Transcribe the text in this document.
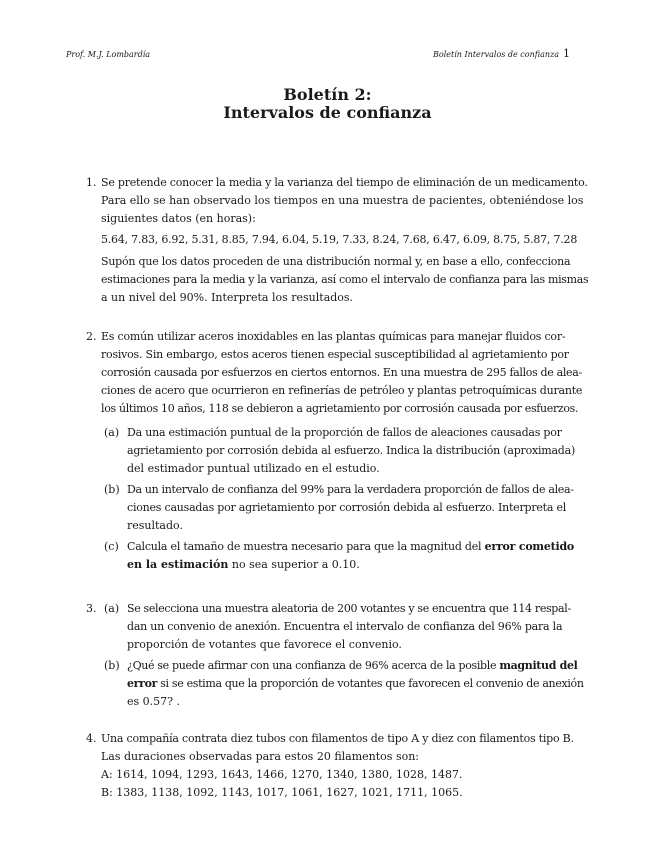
Prof. M.J. Lombardía	Boletín Intervalos de confianza 1
Boletín 2:
Intervalos de confianza
1. Se pretende conocer la media y la varianza del tiempo de eliminación de un medicamento.
Para ello se han observado los tiempos en una muestra de pacientes, obteniéndose los
siguientes datos (en horas):
5.64, 7.83, 6.92, 5.31, 8.85, 7.94, 6.04, 5.19, 7.33, 8.24, 7.68, 6.47, 6.09, 8.75, 5.87, 7.28
Supón que los datos proceden de una distribución normal y, en base a ello, confecciona
estimaciones para la media y la varianza, así como el intervalo de confianza para las mismas
a un nivel del 90%. Interpreta los resultados.
2. Es común utilizar aceros inoxidables en las plantas químicas para manejar fluidos cor-
rosivos. Sin embargo, estos aceros tienen especial susceptibilidad al agrietamiento por
corrosión causada por esfuerzos en ciertos entornos. En una muestra de 295 fallos de alea-
ciones de acero que ocurrieron en refinerías de petróleo y plantas petroquímicas durante
los últimos 10 años, 118 se debieron a agrietamiento por corrosión causada por esfuerzos.
(a) Da una estimación puntual de la proporción de fallos de aleaciones causadas por
agrietamiento por corrosión debida al esfuerzo. Indica la distribución (aproximada)
del estimador puntual utilizado en el estudio.
(b) Da un intervalo de confianza del 99% para la verdadera proporción de fallos de alea-
ciones causadas por agrietamiento por corrosión debida al esfuerzo. Interpreta el
resultado.
(c) Calcula el tamaño de muestra necesario para que la magnitud del error cometido
en la estimación no sea superior a 0.10.
3. (a) Se selecciona una muestra aleatoria de 200 votantes y se encuentra que 114 respal-
dan un convenio de anexión. Encuentra el intervalo de confianza del 96% para la
proporción de votantes que favorece el convenio.
(b) ¿Qué se puede afirmar con una confianza de 96% acerca de la posible magnitud del
error si se estima que la proporción de votantes que favorecen el convenio de anexión
es 0.57? .
4. Una compañía contrata diez tubos con filamentos de tipo A y diez con filamentos tipo B.
Las duraciones observadas para estos 20 filamentos son:
A: 1614, 1094, 1293, 1643, 1466, 1270, 1340, 1380, 1028, 1487.
B: 1383, 1138, 1092, 1143, 1017, 1061, 1627, 1021, 1711, 1065.
